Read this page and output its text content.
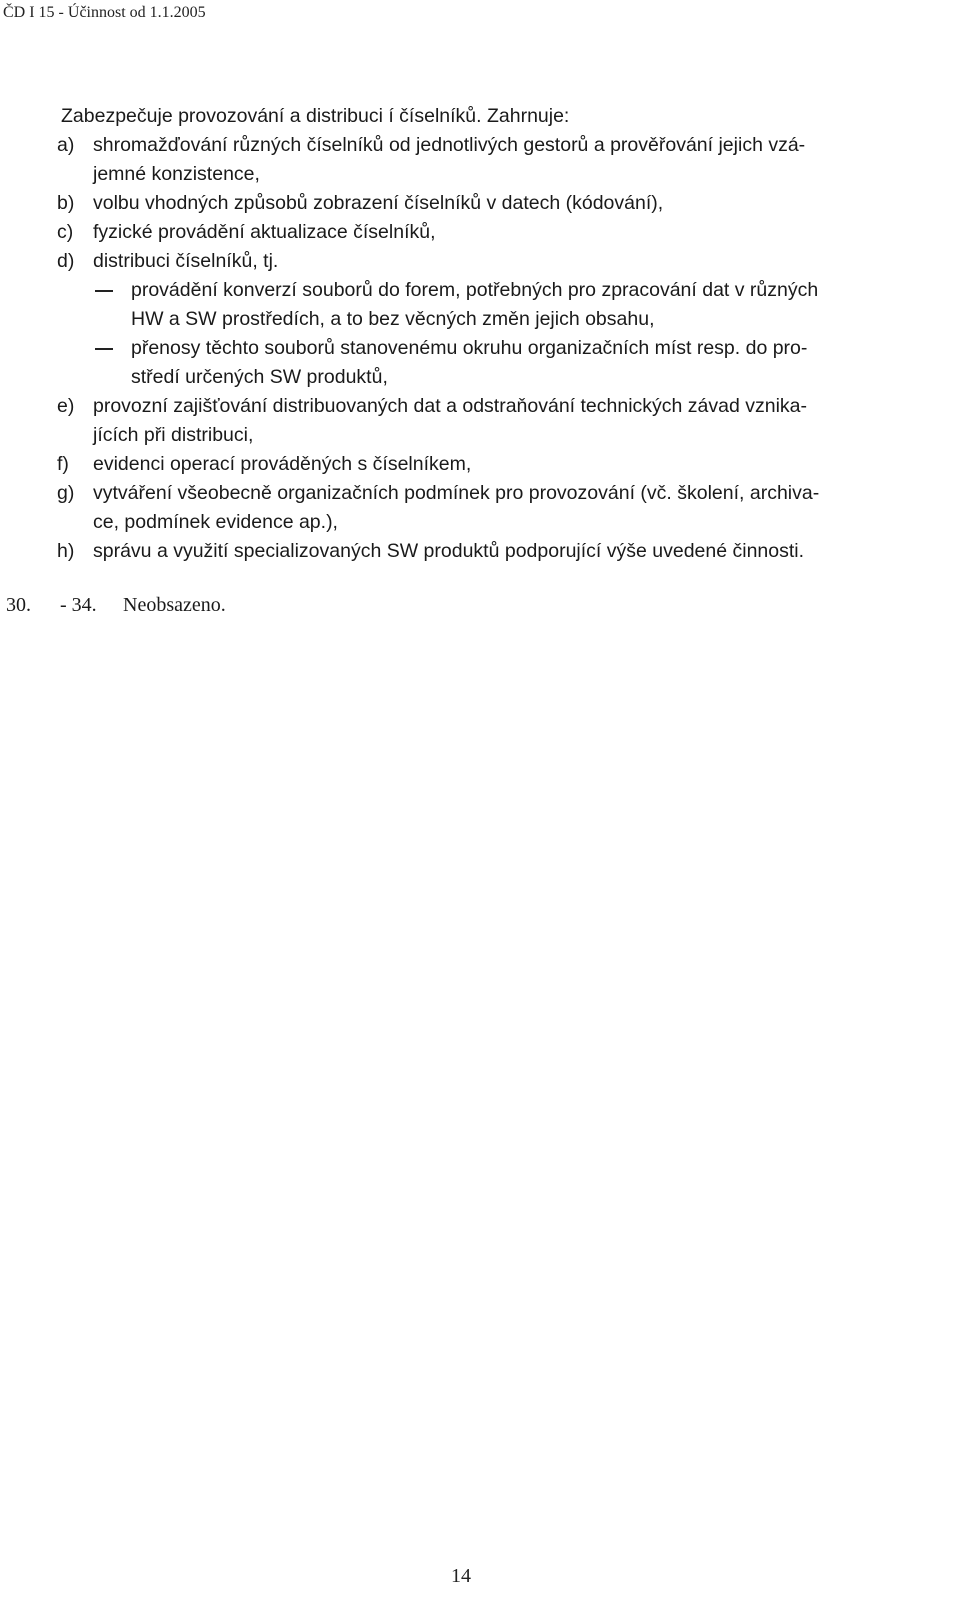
ČD I 15 - Účinnost od 1.1.2005
Zabezpečuje provozování a distribuci í číselníků. Zahrnuje:
a) shromažďování různých číselníků od jednotlivých gestorů a prověřování jejich vzá-
jemné konzistence,
b) volbu vhodných způsobů zobrazení číselníků v datech (kódování),
c) fyzické provádění aktualizace číselníků,
d) distribuci číselníků, tj.
provádění konverzí souborů do forem, potřebných pro zpracování dat v různých
HW a SW prostředích, a to bez věcných změn jejich obsahu,
přenosy těchto souborů stanovenému okruhu organizačních míst resp. do pro-
středí určených SW produktů,
e) provozní zajišťování distribuovaných dat a odstraňování technických závad vznika-
jících při distribuci,
f) evidenci operací prováděných s číselníkem,
g) vytváření všeobecně organizačních podmínek pro provozování (vč. školení, archiva-
ce, podmínek evidence ap.),
h) správu a využití specializovaných SW produktů podporující výše uvedené činnosti.
30. - 34. Neobsazeno.
14
